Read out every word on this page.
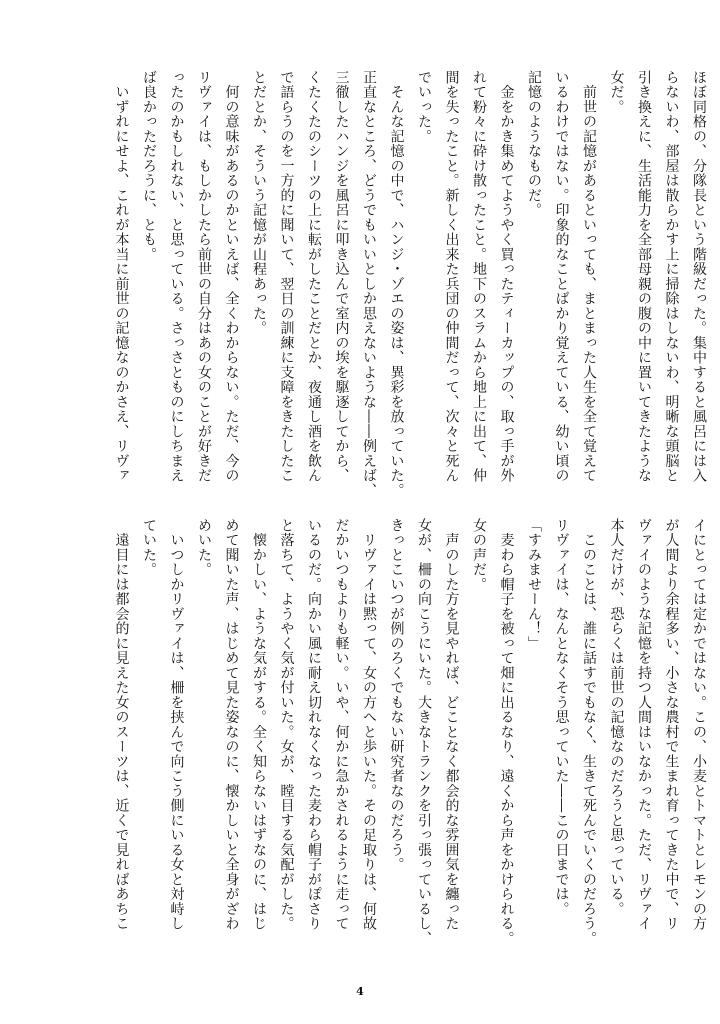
ほぼ同格の、分隊長という階級だった。集中すると風呂には入
らないわ、部屋は散らかす上に掃除はしないわ、明晰な頭脳と
引き換えに、生活能力を全部母親の腹の中に置いてきたような
女だ。
　前世の記憶があるといっても、まとまった人生を全て覚えて
いるわけではない。印象的なことばかり覚えている、幼い頃の
記憶のようなものだ。
　金をかき集めてようやく買ったティーカップの、取っ手が外
れて粉々に砕け散ったこと。地下のスラムから地上に出て、仲
間を失ったこと。新しく出来た兵団の仲間だって、次々と死ん
でいった。
　そんな記憶の中で、ハンジ・ゾエの姿は、異彩を放っていた。
正直なところ、どうでもいいとしか思えないような――例えば、
三徹したハンジを風呂に叩き込んで室内の埃を駆逐してから、
くたくたのシーツの上に転がしたことだとか、夜通し酒を飲ん
で語らうのを一方的に聞いて、翌日の訓練に支障をきたしたこ
とだとか、そういう記憶が山程あった。
　何の意味があるのかといえば、全くわからない。ただ、今の
リヴァイは、もしかしたら前世の自分はあの女のことが好きだ
ったのかもしれない、と思っている。さっさとものにしちまえ
ば良かっただろうに、とも。
　いずれにせよ、これが本当に前世の記憶なのかさえ、リヴァ
イにとっては定かではない。この、小麦とトマトとレモンの方
が人間より余程多い、小さな農村で生まれ育ってきた中で、リ
ヴァイのような記憶を持つ人間はいなかった。ただ、リヴァイ
本人だけが、恐らくは前世の記憶なのだろうと思っている。
　このことは、誰に話すでもなく、生きて死んでいくのだろう。
リヴァイは、なんとなくそう思っていた――この日までは。
「すみませーん！」
　麦わら帽子を被って畑に出るなり、遠くから声をかけられる。
女の声だ。
　声のした方を見やれば、どことなく都会的な雰囲気を纏った
女が、柵の向こうにいた。大きなトランクを引っ張っているし、
きっとこいつが例のろくでもない研究者なのだろう。
　リヴァイは黙って、女の方へと歩いた。その足取りは、何故
だかいつもよりも軽い。いや、何かに急かされるように走って
いるのだ。向かい風に耐え切れなくなった麦わら帽子がぽさり
と落ちて、ようやく気が付いた。女が、瞠目する気配がした。
　懐かしい、ような気がする。全く知らないはずなのに、はじ
めて聞いた声、はじめて見た姿なのに、懐かしいと全身がざわ
めいた。
　いつしかリヴァイは、柵を挟んで向こう側にいる女と対峙し
ていた。
　遠目には都会的に見えた女のスーツは、近くで見ればあちこ
4
